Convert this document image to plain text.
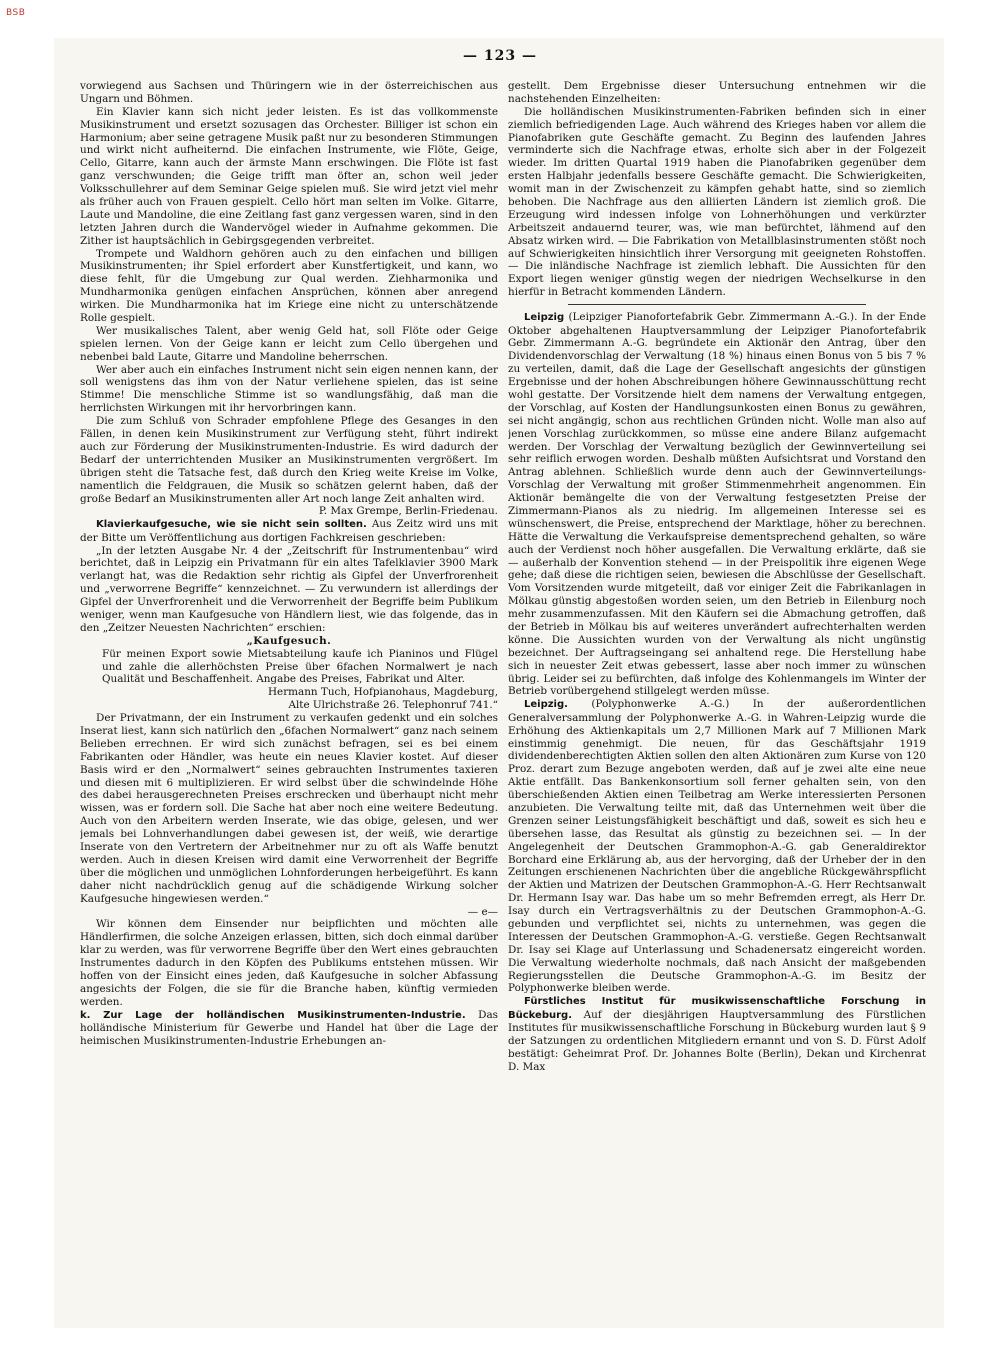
BSB
— 123 —

vorwiegend aus Sachsen und Thüringern wie in der österreichischen aus Ungarn und Böhmen.

Ein Klavier kann sich nicht jeder leisten. Es ist das vollkommenste Musikinstrument und ersetzt sozusagen das Orchester. Billiger ist schon ein Harmonium; aber seine getragene Musik paßt nur zu besonderen Stimmungen und wirkt nicht aufheiternd. Die einfachen Instrumente, wie Flöte, Geige, Cello, Gitarre, kann auch der ärmste Mann erschwingen. Die Flöte ist fast ganz verschwunden; die Geige trifft man öfter an, schon weil jeder Volksschullehrer auf dem Seminar Geige spielen muß. Sie wird jetzt viel mehr als früher auch von Frauen gespielt. Cello hört man selten im Volke. Gitarre, Laute und Mandoline, die eine Zeitlang fast ganz vergessen waren, sind in den letzten Jahren durch die Wandervögel wieder in Aufnahme gekommen. Die Zither ist hauptsächlich in Gebirgsgegenden verbreitet.

Trompete und Waldhorn gehören auch zu den einfachen und billigen Musikinstrumenten; ihr Spiel erfordert aber Kunstfertigkeit, und kann, wo diese fehlt, für die Umgebung zur Qual werden. Ziehharmonika und Mundharmonika genügen einfachen Ansprüchen, können aber anregend wirken. Die Mundharmonika hat im Kriege eine nicht zu unterschätzende Rolle gespielt.

Wer musikalisches Talent, aber wenig Geld hat, soll Flöte oder Geige spielen lernen. Von der Geige kann er leicht zum Cello übergehen und nebenbei bald Laute, Gitarre und Mandoline beherrschen.

Wer aber auch ein einfaches Instrument nicht sein eigen nennen kann, der soll wenigstens das ihm von der Natur verliehene spielen, das ist seine Stimme! Die menschliche Stimme ist so wandlungsfähig, daß man die herrlichsten Wirkungen mit ihr hervorbringen kann.

Die zum Schluß von Schrader empfohlene Pflege des Gesanges in den Fällen, in denen kein Musikinstrument zur Verfügung steht, führt indirekt auch zur Förderung der Musikinstrumenten-Industrie. Es wird dadurch der Bedarf der unterrichtenden Musiker an Musikinstrumenten vergrößert. Im übrigen steht die Tatsache fest, daß durch den Krieg weite Kreise im Volke, namentlich die Feldgrauen, die Musik so schätzen gelernt haben, daß der große Bedarf an Musikinstrumenten aller Art noch lange Zeit anhalten wird.

P. Max Grempe, Berlin-Friedenau.

Klavierkaufgesuche, wie sie nicht sein sollten. Aus Zeitz wird uns mit der Bitte um Veröffentlichung aus dortigen Fachkreisen geschrieben:

„In der letzten Ausgabe Nr. 4 der „Zeitschrift für Instrumentenbau“ wird berichtet, daß in Leipzig ein Privatmann für ein altes Tafelklavier 3900 Mark verlangt hat, was die Redaktion sehr richtig als Gipfel der Unverfrorenheit und „verworrene Begriffe“ kennzeichnet. — Zu verwundern ist allerdings der Gipfel der Unverfrorenheit und die Verworrenheit der Begriffe beim Publikum weniger, wenn man Kaufgesuche von Händlern liest, wie das folgende, das in den „Zeitzer Neuesten Nachrichten“ erschien:

„Kaufgesuch.

Für meinen Export sowie Mietsabteilung kaufe ich Pianinos und Flügel und zahle die allerhöchsten Preise über 6fachen Normalwert je nach Qualität und Beschaffenheit. Angabe des Preises, Fabrikat und Alter.

Hermann Tuch, Hofpianohaus, Magdeburg,

Alte Ulrichstraße 26. Telephonruf 741.“

Der Privatmann, der ein Instrument zu verkaufen gedenkt und ein solches Inserat liest, kann sich natürlich den „6fachen Normalwert“ ganz nach seinem Belieben errechnen. Er wird sich zunächst befragen, sei es bei einem Fabrikanten oder Händler, was heute ein neues Klavier kostet. Auf dieser Basis wird er den „Normalwert“ seines gebrauchten Instrumentes taxieren und diesen mit 6 multiplizieren. Er wird selbst über die schwindelnde Höhe des dabei herausgerechneten Preises erschrecken und überhaupt nicht mehr wissen, was er fordern soll. Die Sache hat aber noch eine weitere Bedeutung. Auch von den Arbeitern werden Inserate, wie das obige, gelesen, und wer jemals bei Lohnverhandlungen dabei gewesen ist, der weiß, wie derartige Inserate von den Vertretern der Arbeitnehmer nur zu oft als Waffe benutzt werden. Auch in diesen Kreisen wird damit eine Verworrenheit der Begriffe über die möglichen und unmöglichen Lohnforderungen herbeigeführt. Es kann daher nicht nachdrücklich genug auf die schädigende Wirkung solcher Kaufgesuche hingewiesen werden.“

— e—

Wir können dem Einsender nur beipflichten und möchten alle Händlerfirmen, die solche Anzeigen erlassen, bitten, sich doch einmal darüber klar zu werden, was für verworrene Begriffe über den Wert eines gebrauchten Instrumentes dadurch in den Köpfen des Publikums entstehen müssen. Wir hoffen von der Einsicht eines jeden, daß Kaufgesuche in solcher Abfassung angesichts der Folgen, die sie für die Branche haben, künftig vermieden werden.

k. Zur Lage der holländischen Musikinstrumenten-Industrie. Das holländische Ministerium für Gewerbe und Handel hat über die Lage der heimischen Musikinstrumenten-Industrie Erhebungen an-

gestellt. Dem Ergebnisse dieser Untersuchung entnehmen wir die nachstehenden Einzelheiten:

Die holländischen Musikinstrumenten-Fabriken befinden sich in einer ziemlich befriedigenden Lage. Auch während des Krieges haben vor allem die Pianofabriken gute Geschäfte gemacht. Zu Beginn des laufenden Jahres verminderte sich die Nachfrage etwas, erholte sich aber in der Folgezeit wieder. Im dritten Quartal 1919 haben die Pianofabriken gegenüber dem ersten Halbjahr jedenfalls bessere Geschäfte gemacht. Die Schwierigkeiten, womit man in der Zwischenzeit zu kämpfen gehabt hatte, sind so ziemlich behoben. Die Nachfrage aus den alliierten Ländern ist ziemlich groß. Die Erzeugung wird indessen infolge von Lohnerhöhungen und verkürzter Arbeitszeit andauernd teurer, was, wie man befürchtet, lähmend auf den Absatz wirken wird. — Die Fabrikation von Metallblasinstrumenten stößt noch auf Schwierigkeiten hinsichtlich ihrer Versorgung mit geeigneten Rohstoffen. — Die inländische Nachfrage ist ziemlich lebhaft. Die Aussichten für den Export liegen weniger günstig wegen der niedrigen Wechselkurse in den hierfür in Betracht kommenden Ländern.

Leipzig (Leipziger Pianofortefabrik Gebr. Zimmermann A.-G.). In der Ende Oktober abgehaltenen Hauptversammlung der Leipziger Pianofortefabrik Gebr. Zimmermann A.-G. begründete ein Aktionär den Antrag, über den Dividendenvorschlag der Verwaltung (18 %) hinaus einen Bonus von 5 bis 7 % zu verteilen, damit, daß die Lage der Gesellschaft angesichts der günstigen Ergebnisse und der hohen Abschreibungen höhere Gewinnausschüttung recht wohl gestatte. Der Vorsitzende hielt dem namens der Verwaltung entgegen, der Vorschlag, auf Kosten der Handlungsunkosten einen Bonus zu gewähren, sei nicht angängig, schon aus rechtlichen Gründen nicht. Wolle man also auf jenen Vorschlag zurückkommen, so müsse eine andere Bilanz aufgemacht werden. Der Vorschlag der Verwaltung bezüglich der Gewinnverteilung sei sehr reiflich erwogen worden. Deshalb müßten Aufsichtsrat und Vorstand den Antrag ablehnen. Schließlich wurde denn auch der Gewinnverteilungs-Vorschlag der Verwaltung mit großer Stimmenmehrheit angenommen. Ein Aktionär bemängelte die von der Verwaltung festgesetzten Preise der Zimmermann-Pianos als zu niedrig. Im allgemeinen Interesse sei es wünschenswert, die Preise, entsprechend der Marktlage, höher zu berechnen. Hätte die Verwaltung die Verkaufspreise dementsprechend gehalten, so wäre auch der Verdienst noch höher ausgefallen. Die Verwaltung erklärte, daß sie — außerhalb der Konvention stehend — in der Preispolitik ihre eigenen Wege gehe; daß diese die richtigen seien, bewiesen die Abschlüsse der Gesellschaft. Vom Vorsitzenden wurde mitgeteilt, daß vor einiger Zeit die Fabrikanlagen in Mölkau günstig abgestoßen worden seien, um den Betrieb in Eilenburg noch mehr zusammenzufassen. Mit den Käufern sei die Abmachung getroffen, daß der Betrieb in Mölkau bis auf weiteres unverändert aufrechterhalten werden könne. Die Aussichten wurden von der Verwaltung als nicht ungünstig bezeichnet. Der Auftragseingang sei anhaltend rege. Die Herstellung habe sich in neuester Zeit etwas gebessert, lasse aber noch immer zu wünschen übrig. Leider sei zu befürchten, daß infolge des Kohlenmangels im Winter der Betrieb vorübergehend stillgelegt werden müsse.

Leipzig. (Polyphonwerke A.-G.) In der außerordentlichen Generalversammlung der Polyphonwerke A.-G. in Wahren-Leipzig wurde die Erhöhung des Aktienkapitals um 2,7 Millionen Mark auf 7 Millionen Mark einstimmig genehmigt. Die neuen, für das Geschäftsjahr 1919 dividendenberechtigten Aktien sollen den alten Aktionären zum Kurse von 120 Proz. derart zum Bezuge angeboten werden, daß auf je zwei alte eine neue Aktie entfällt. Das Bankenkonsortium soll ferner gehalten sein, von den überschießenden Aktien einen Teilbetrag am Werke interessierten Personen anzubieten. Die Verwaltung teilte mit, daß das Unternehmen weit über die Grenzen seiner Leistungsfähigkeit beschäftigt und daß, soweit es sich heu e übersehen lasse, das Resultat als günstig zu bezeichnen sei. — In der Angelegenheit der Deutschen Grammophon-A.-G. gab Generaldirektor Borchard eine Erklärung ab, aus der hervorging, daß der Urheber der in den Zeitungen erschienenen Nachrichten über die angebliche Rückgewährspflicht der Aktien und Matrizen der Deutschen Grammophon-A.-G. Herr Rechtsanwalt Dr. Hermann Isay war. Das habe um so mehr Befremden erregt, als Herr Dr. Isay durch ein Vertragsverhältnis zu der Deutschen Grammophon-A.-G. gebunden und verpflichtet sei, nichts zu unternehmen, was gegen die Interessen der Deutschen Grammophon-A.-G. verstieße. Gegen Rechtsanwalt Dr. Isay sei Klage auf Unterlassung und Schadenersatz eingereicht worden. Die Verwaltung wiederholte nochmals, daß nach Ansicht der maßgebenden Regierungsstellen die Deutsche Grammophon-A.-G. im Besitz der Polyphonwerke bleiben werde.

Fürstliches Institut für musikwissenschaftliche Forschung in Bückeburg. Auf der diesjährigen Hauptversammlung des Fürstlichen Institutes für musikwissenschaftliche Forschung in Bückeburg wurden laut § 9 der Satzungen zu ordentlichen Mitgliedern ernannt und von S. D. Fürst Adolf bestätigt: Geheimrat Prof. Dr. Johannes Bolte (Berlin), Dekan und Kirchenrat D. Max
